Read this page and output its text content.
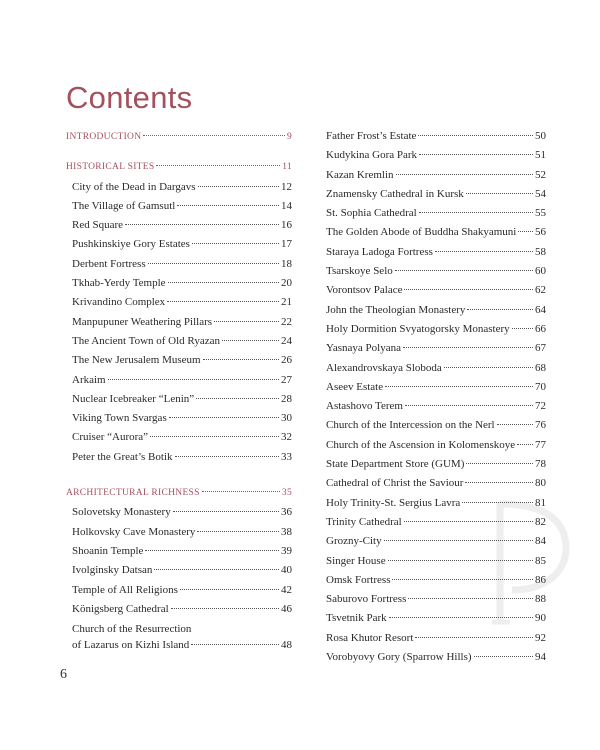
Contents
INTRODUCTION	9
HISTORICAL SITES	11
City of the Dead in Dargavs	12
The Village of Gamsutl	14
Red Square	16
Pushkinskiye Gory Estates	17
Derbent Fortress	18
Tkhab-Yerdy Temple	20
Krivandino Complex	21
Manpupuner Weathering Pillars	22
The Ancient Town of Old Ryazan	24
The New Jerusalem Museum	26
Arkaim	27
Nuclear Icebreaker “Lenin”	28
Viking Town Svargas	30
Cruiser “Aurora”	32
Peter the Great’s Botik	33
ARCHITECTURAL RICHNESS	35
Solovetsky Monastery	36
Holkovsky Cave Monastery	38
Shoanin Temple	39
Ivolginsky Datsan	40
Temple of All Religions	42
Königsberg Cathedral	46
Church of the Resurrection
of Lazarus on Kizhi Island	48
Father Frost’s Estate	50
Kudykina Gora Park	51
Kazan Kremlin	52
Znamensky Cathedral in Kursk	54
St. Sophia Cathedral	55
The Golden Abode of Buddha Shakyamuni 56
Staraya Ladoga Fortress	58
Tsarskoye Selo	60
Vorontsov Palace	62
John the Theologian Monastery	64
Holy Dormition Svyatogorsky Monastery 66
Yasnaya Polyana	67
Alexandrovskaya Sloboda	68
Aseev Estate	70
Astashovo Terem	72
Church of the Intercession on the Nerl	76
Church of the Ascension in Kolomenskoye 77
State Department Store (GUM)	78
Cathedral of Christ the Saviour	80
Holy Trinity-St. Sergius Lavra	81
Trinity Cathedral	82
Grozny-City	84
Singer House	85
Omsk Fortress	86
Saburovo Fortress	88
Tsvetnik Park	90
Rosa Khutor Resort	92
Vorobyovy Gory (Sparrow Hills)	94
6
